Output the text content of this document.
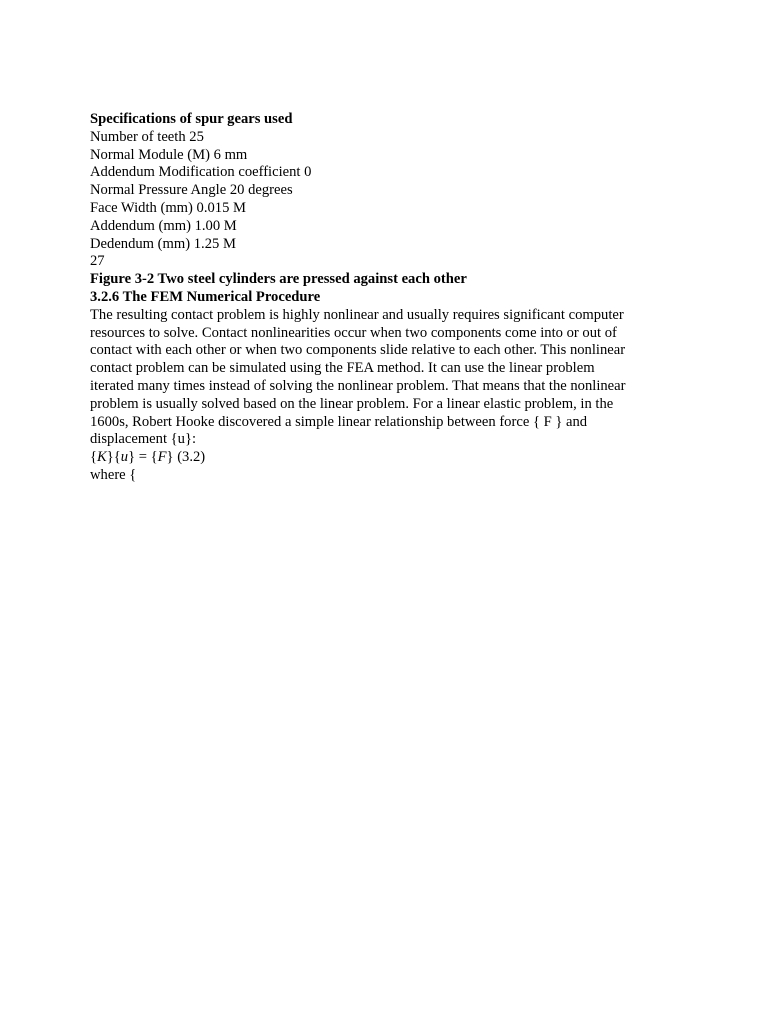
Specifications of spur gears used
Number of teeth 25
Normal Module (M) 6 mm
Addendum Modification coefficient 0
Normal Pressure Angle 20 degrees
Face Width (mm) 0.015 M
Addendum (mm) 1.00 M
Dedendum (mm) 1.25 M
27
Figure 3-2 Two steel cylinders are pressed against each other
3.2.6 The FEM Numerical Procedure
The resulting contact problem is highly nonlinear and usually requires significant computer resources to solve. Contact nonlinearities occur when two components come into or out of contact with each other or when two components slide relative to each other. This nonlinear contact problem can be simulated using the FEA method. It can use the linear problem iterated many times instead of solving the nonlinear problem. That means that the nonlinear problem is usually solved based on the linear problem. For a linear elastic problem, in the 1600s, Robert Hooke discovered a simple linear relationship between force { F } and displacement {u}:
{K}{u} = {F} (3.2)
where {
